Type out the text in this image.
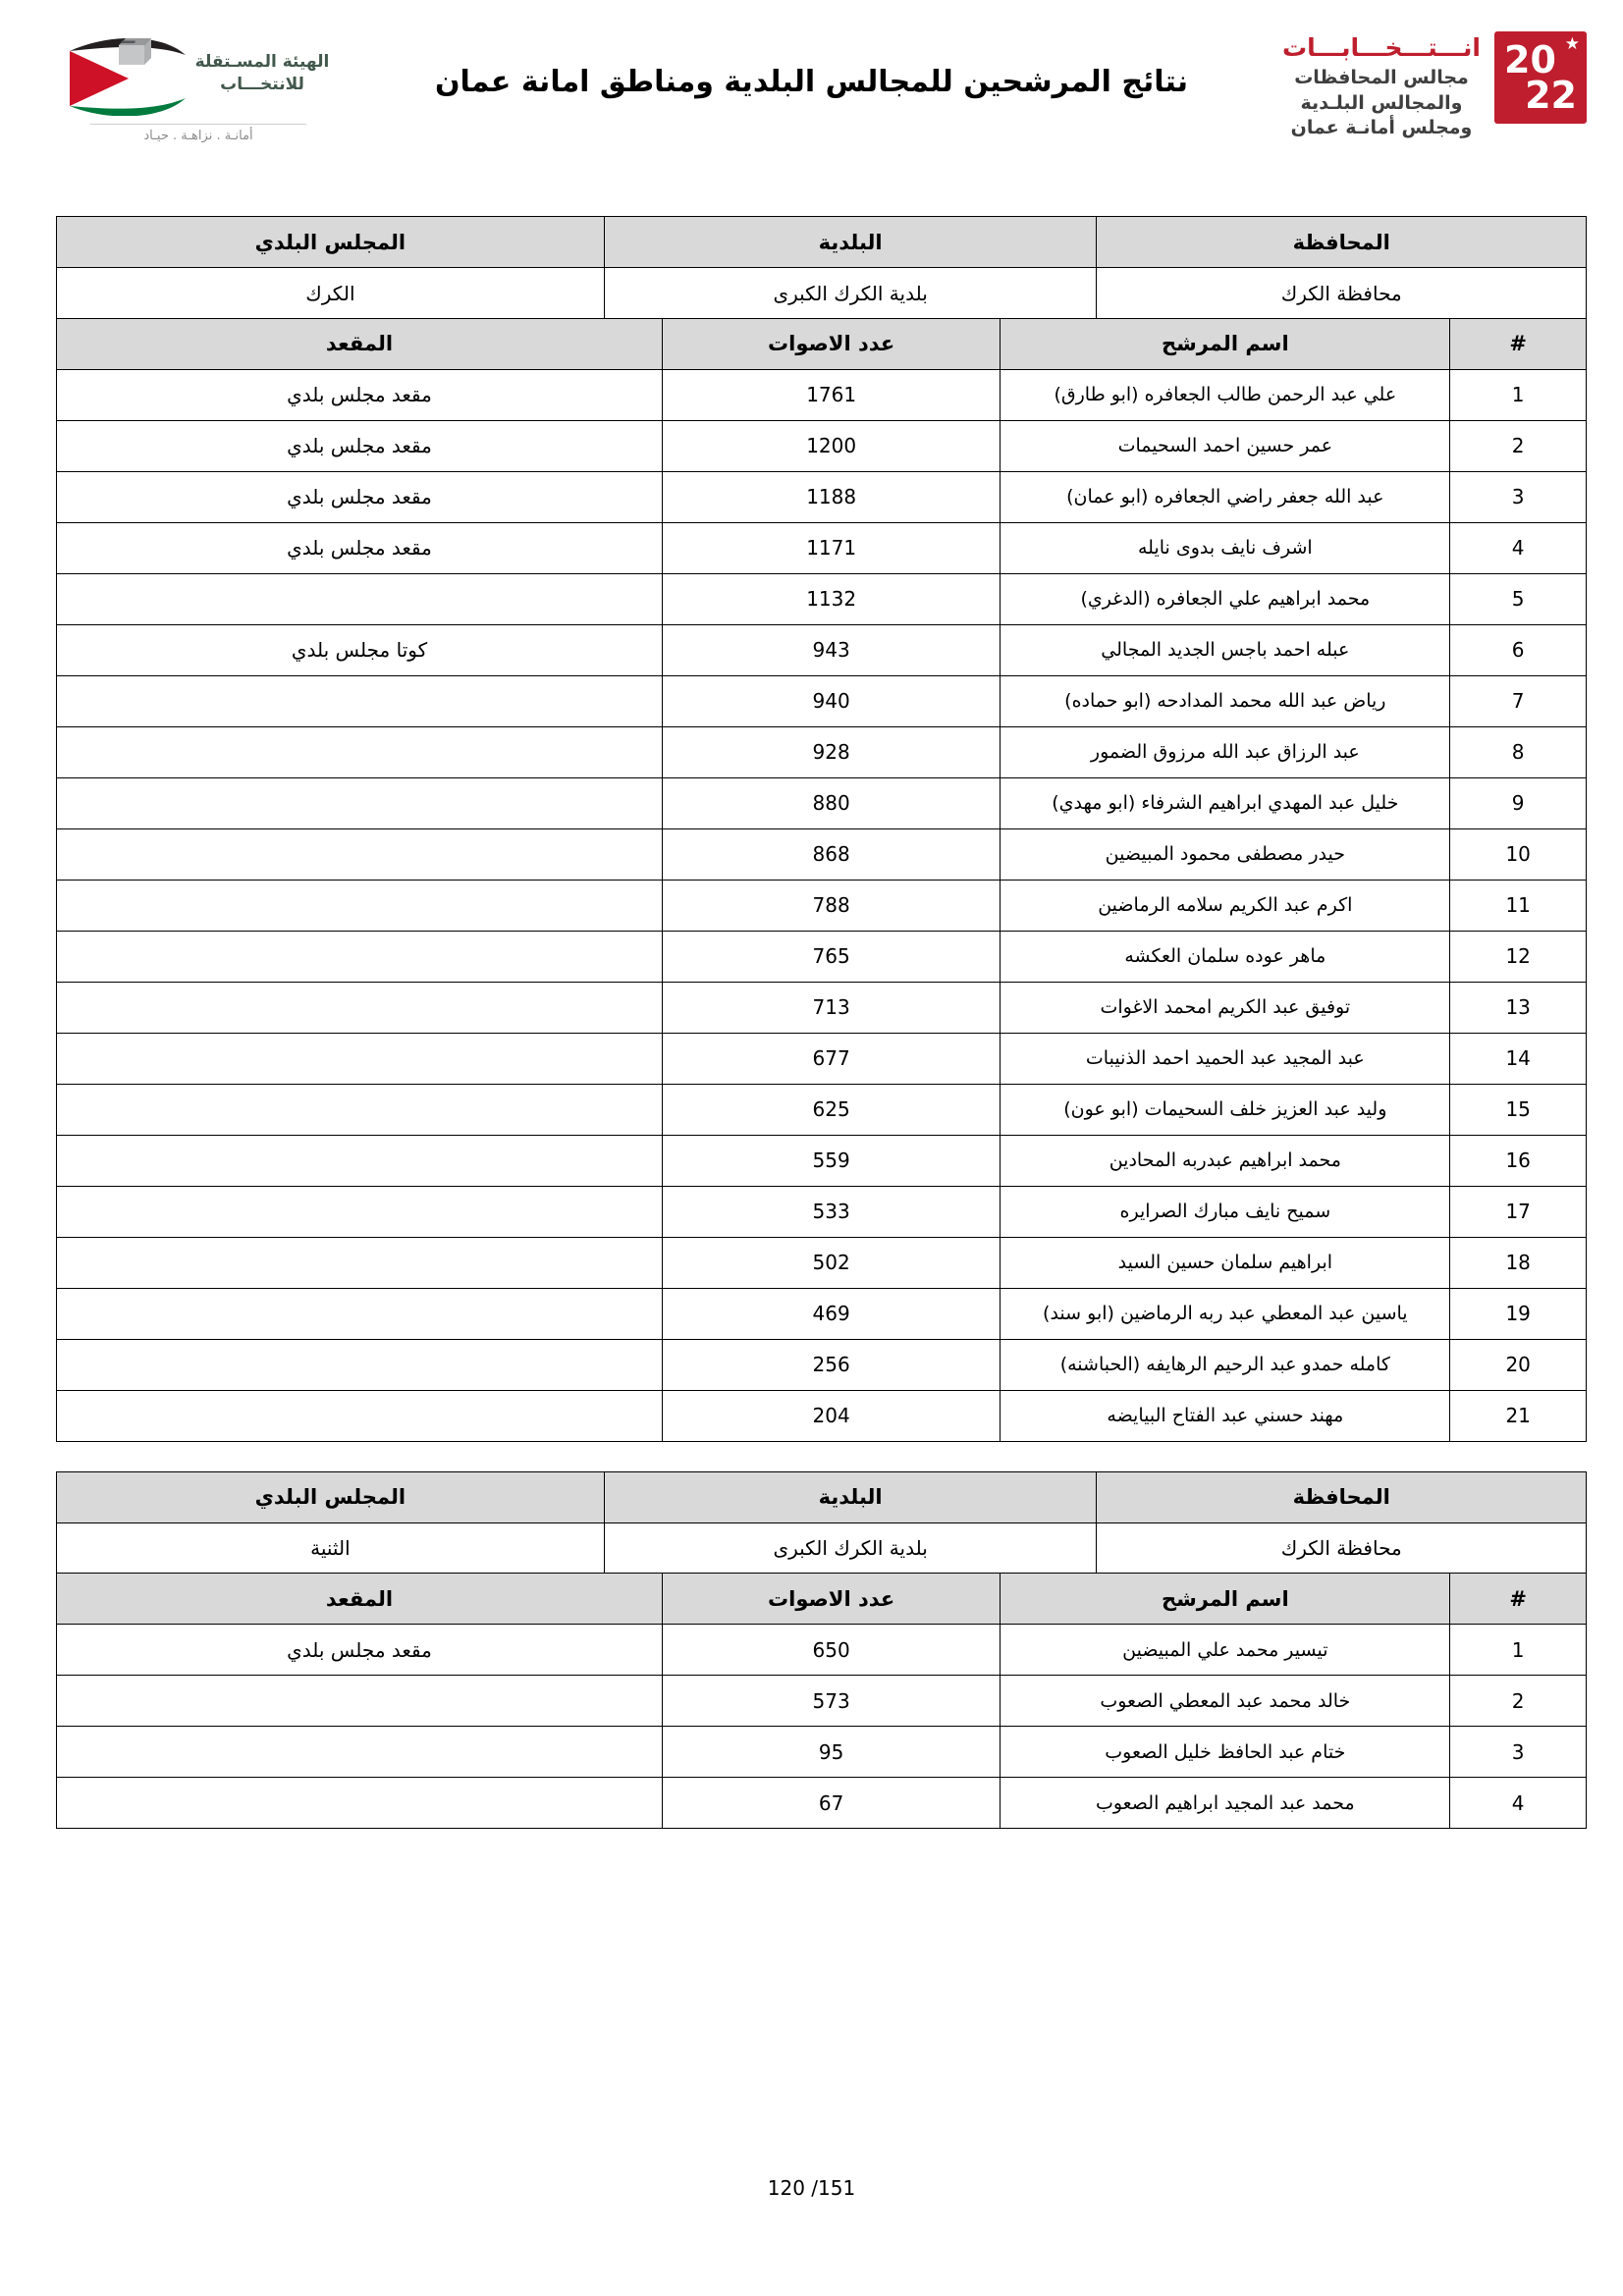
★
20
22
انـــتـــخـــابـــات
مجالس المحافظات
والمجالس البلـدية
ومجلس أمانـة عمان
نتائج المرشحين للمجالس البلدية ومناطق امانة عمان
الهيئة المسـتقلة
للانتخـــاب
أمانـة . نزاهـة . حيـاد
المحافظة	البلدية	المجلس البلدي
محافظة الكرك	بلدية الكرك الكبرى	الكرك
#	اسم المرشح	عدد الاصوات	المقعد
1	علي عبد الرحمن طالب الجعافره (ابو طارق)	1761	مقعد مجلس بلدي
2	عمر حسين احمد السحيمات	1200	مقعد مجلس بلدي
3	عبد الله جعفر راضي الجعافره (ابو عمان)	1188	مقعد مجلس بلدي
4	اشرف نايف بدوى نايله	1171	مقعد مجلس بلدي
5	محمد ابراهيم علي الجعافره (الدغري)	1132	
6	عبله احمد باجس الجديد المجالي	943	كوتا مجلس بلدي
7	رياض عبد الله محمد المدادحه (ابو حماده)	940	
8	عبد الرزاق عبد الله مرزوق الضمور	928	
9	خليل عبد المهدي ابراهيم الشرفاء (ابو مهدي)	880	
10	حيدر مصطفى محمود المبيضين	868	
11	اكرم عبد الكريم سلامه الرماضين	788	
12	ماهر عوده سلمان العكشه	765	
13	توفيق عبد الكريم امحمد الاغوات	713	
14	عبد المجيد عبد الحميد احمد الذنيبات	677	
15	وليد عبد العزيز خلف السحيمات (ابو عون)	625	
16	محمد ابراهيم عبدربه المحادين	559	
17	سميح نايف مبارك الصرايره	533	
18	ابراهيم سلمان حسين السيد	502	
19	ياسين عبد المعطي عبد ربه الرماضين (ابو سند)	469	
20	كامله حمدو عبد الرحيم الرهايفه (الحباشنه)	256	
21	مهند حسني عبد الفتاح البيايضه	204	
المحافظة	البلدية	المجلس البلدي
محافظة الكرك	بلدية الكرك الكبرى	الثنية
#	اسم المرشح	عدد الاصوات	المقعد
1	تيسير محمد علي المبيضين	650	مقعد مجلس بلدي
2	خالد محمد عبد المعطي الصعوب	573	
3	ختام عبد الحافظ خليل الصعوب	95	
4	محمد عبد المجيد ابراهيم الصعوب	67	
120 /151
